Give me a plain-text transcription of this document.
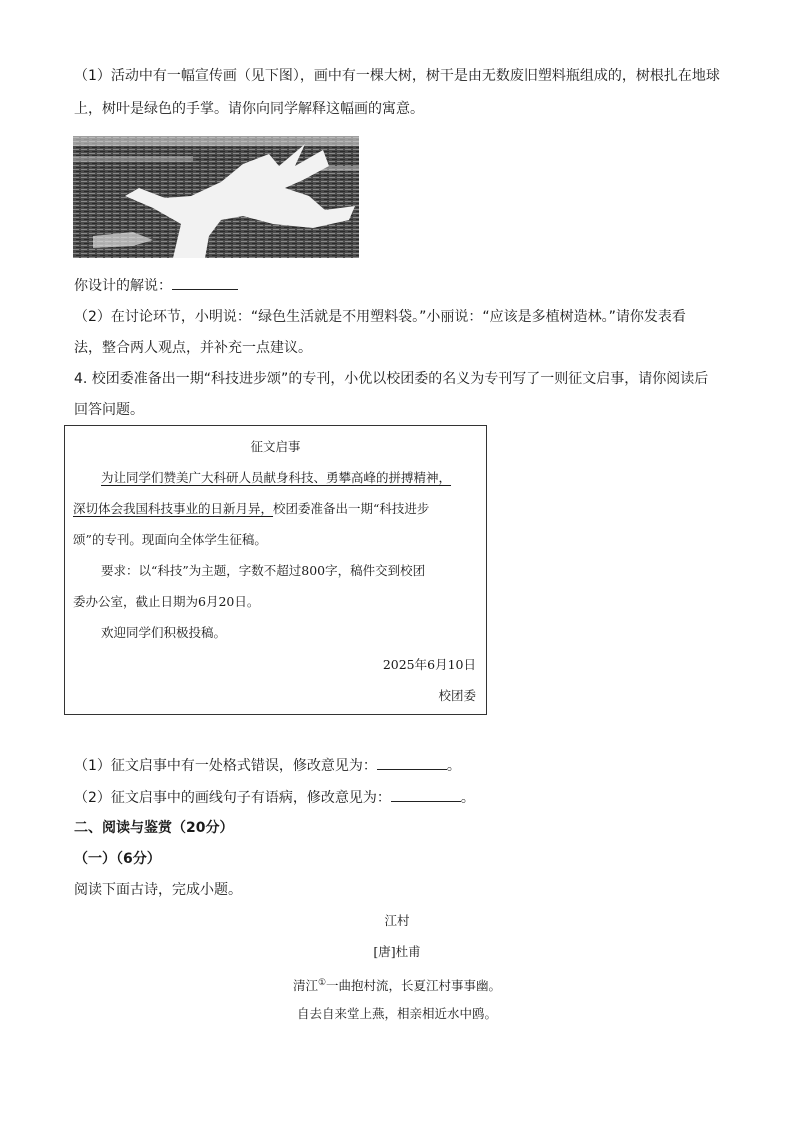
（1）活动中有一幅宣传画（见下图），画中有一棵大树，树干是由无数废旧塑料瓶组成的，树根扎在地球
上，树叶是绿色的手掌。请你向同学解释这幅画的寓意。
你设计的解说：
（2）在讨论环节，小明说：“绿色生活就是不用塑料袋。”小丽说：“应该是多植树造林。”请你发表看
法，整合两人观点，并补充一点建议。
4. 校团委准备出一期“科技进步颂”的专刊，小优以校团委的名义为专刊写了一则征文启事，请你阅读后
回答问题。
征文启事
为让同学们赞美广大科研人员献身科技、勇攀高峰的拼搏精神，
深切体会我国科技事业的日新月异，校团委准备出一期“科技进步
颂”的专刊。现面向全体学生征稿。
要求：以“科技”为主题，字数不超过800字，稿件交到校团
委办公室，截止日期为6月20日。
欢迎同学们积极投稿。
2025年6月10日
校团委
（1）征文启事中有一处格式错误，修改意见为：	。
（2）征文启事中的画线句子有语病，修改意见为：	。
二、阅读与鉴赏（20分）
（一）（6分）
阅读下面古诗，完成小题。
江村
[唐]杜甫
清江①一曲抱村流，长夏江村事事幽。
自去自来堂上燕，相亲相近水中鸥。
